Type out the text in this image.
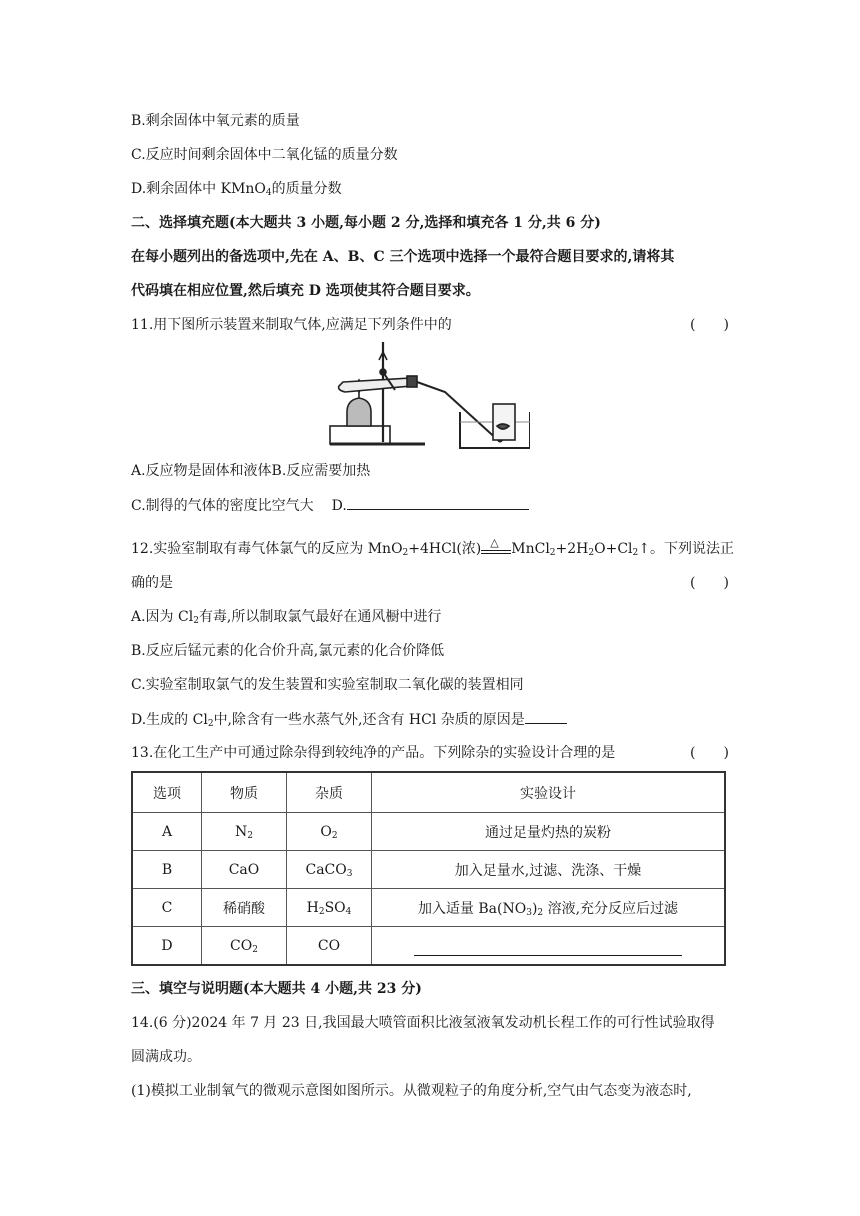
B.剩余固体中氧元素的质量
C.反应时间剩余固体中二氧化锰的质量分数
D.剩余固体中 KMnO$_4$的质量分数
二、选择填充题(本大题共 3 小题,每小题 2 分,选择和填充各 1 分,共 6 分)
在每小题列出的备选项中,先在 A、B、C 三个选项中选择一个最符合题目要求的,请将其
代码填在相应位置,然后填充 D 选项使其符合题目要求。
11.用下图所示装置来制取气体,应满足下列条件中的	(　　)
A.反应物是固体和液体B.反应需要加热
C.制得的气体的密度比空气大 D.
12.实验室制取有毒气体氯气的反应为 MnO$_2$+4HCl(浓) △ $MnCl_2+2H_2O+Cl_2↑$。下列说法正
确的是	(　　)
A.因为 $Cl_2$有毒,所以制取氯气最好在通风橱中进行
B.反应后锰元素的化合价升高,氯元素的化合价降低
C.实验室制取氯气的发生装置和实验室制取二氧化碳的装置相同
D.生成的 $Cl_2$中,除含有一些水蒸气外,还含有 HCl 杂质的原因是
13.在化工生产中可通过除杂得到较纯净的产品。下列除杂的实验设计合理的是	(　　)
选项	物质	杂质	实验设计
A	$N_2$	$O_2$	通过足量灼热的炭粉
B	CaO	CaCO$_3$	加入足量水,过滤、洗涤、干燥
C	稀硝酸	$H_2SO_4$	加入适量 $Ba(NO_3)_2$ 溶液,充分反应后过滤
D	$CO_2$	CO	
三、填空与说明题(本大题共 4 小题,共 23 分)
14.(6 分)2024 年 7 月 23 日,我国最大喷管面积比液氢液氧发动机长程工作的可行性试验取得
圆满成功。
(1)模拟工业制氧气的微观示意图如图所示。从微观粒子的角度分析,空气由气态变为液态时,
